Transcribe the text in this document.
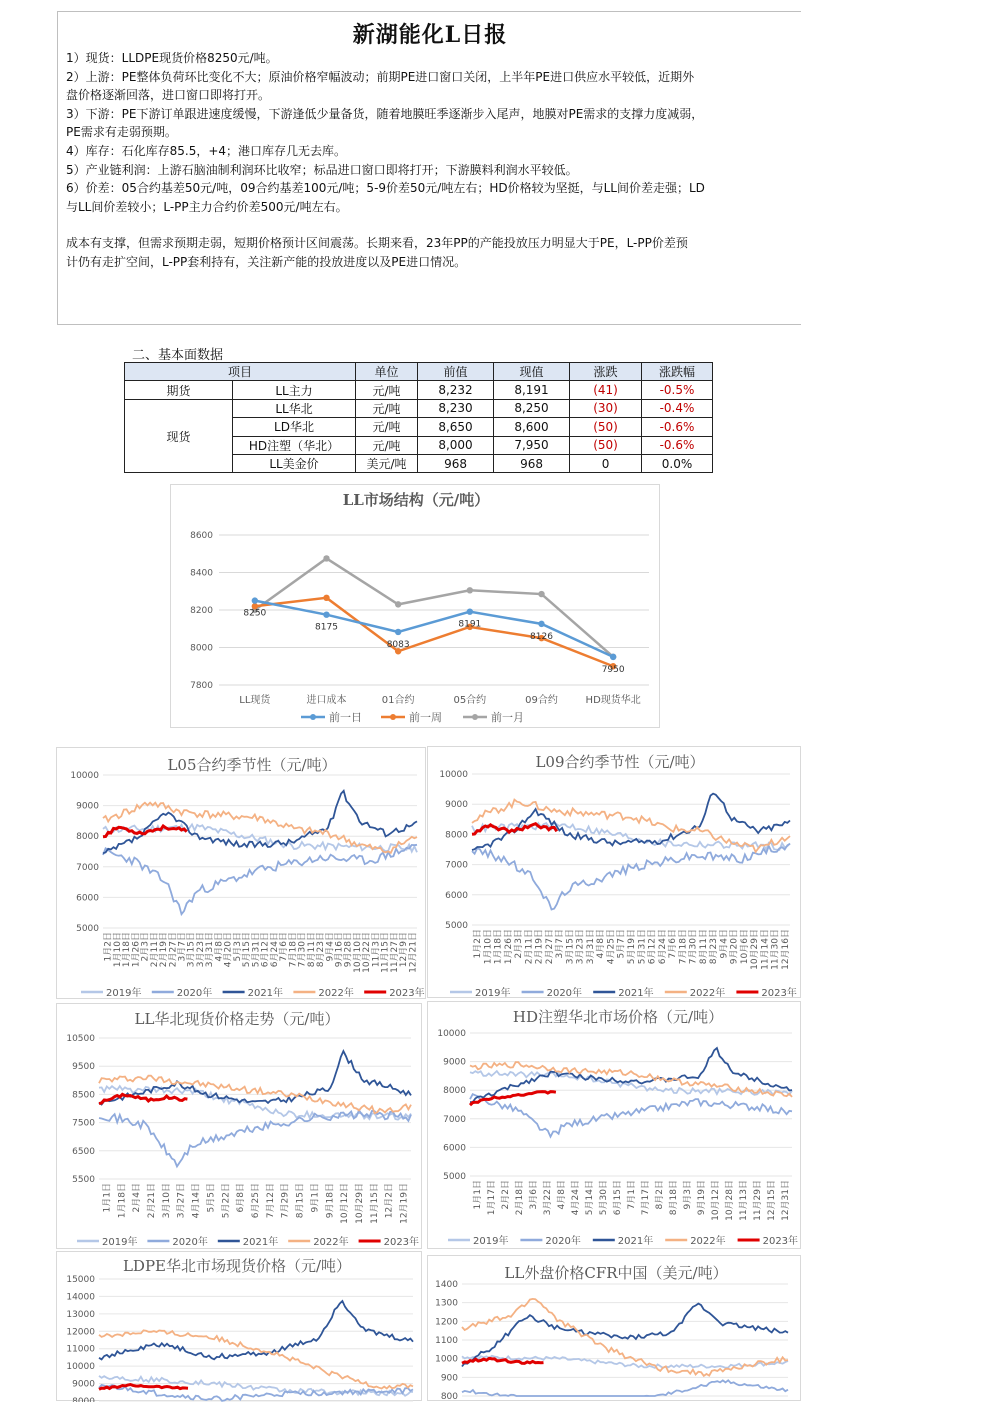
新湖能化L日报

1）现货：LLDPE现货价格8250元/吨。

2）上游：PE整体负荷环比变化不大；原油价格窄幅波动；前期PE进口窗口关闭，上半年PE进口供应水平较低，近期外

盘价格逐渐回落，进口窗口即将打开。

3）下游：PE下游订单跟进速度缓慢，下游逢低少量备货，随着地膜旺季逐渐步入尾声，地膜对PE需求的支撑力度减弱，

PE需求有走弱预期。

4）库存：石化库存85.5，+4；港口库存几无去库。

5）产业链利润：上游石脑油制利润环比收窄；标品进口窗口即将打开；下游膜料利润水平较低。

6）价差：05合约基差50元/吨，09合约基差100元/吨；5-9价差50元/吨左右；HD价格较为坚挺，与LL间价差走强；LD

与LL间价差较小；L-PP主力合约价差500元/吨左右。

成本有支撑，但需求预期走弱，短期价格预计区间震荡。长期来看，23年PP的产能投放压力明显大于PE，L-PP价差预

计仍有走扩空间，L-PP套利持有，关注新产能的投放进度以及PE进口情况。

二、基本面数据
项目		单位	前值	现值	涨跌	涨跌幅
期货	LL主力	元/吨	8,232	8,191	(41)	-0.5%
现货	LL华北	元/吨	8,230	8,250	(30)	-0.4%
	LD华北	元/吨	8,650	8,600	(50)	-0.6%
	HD注塑（华北）	元/吨	8,000	7,950	(50)	-0.6%
	LL美金价	美元/吨	968	968	0	0.0%
LL市场结构（元/吨）
8600
8400
8200
8000
7800
LL现货	进口成本	01合约	05合约	09合约	HD现货华北
8250
8175
8083
8191
8126
7950
前一日	前一周	前一月
L05合约季节性（元/吨）
10000
9000
8000
7000
6000
5000
1月2日 1月10日 1月18日 1月26日 2月3日 2月11日 2月19日 2月27日 3月7日 3月15日 3月23日 3月31日 4月8日 4月20日 5月3日 5月15日 5月31日 6月12日 6月24日 7月6日 7月18日 7月30日 8月11日 8月23日 9月4日 9月16日 9月28日 10月10日 10月22日 11月3日 11月15日 11月27日 12月9日 12月21日
2019年	2020年	2021年	2022年	2023年
L09合约季节性（元/吨）
10000
9000
8000
7000
6000
5000
1月2日 1月10日 1月18日 1月26日 2月3日 2月11日 2月19日 2月27日 3月7日 3月15日 3月23日 3月31日 4月8日 4月25日 5月7日 5月19日 5月31日 6月12日 6月24日 7月6日 7月18日 7月30日 8月11日 8月23日 9月4日 9月20日 10月6日 10月29日 11月14日 11月30日 12月16日
2019年	2020年	2021年	2022年	2023年
LL华北现货价格走势（元/吨）
10500
9500
8500
7500
6500
5500
1月1日 1月18日 2月4日 2月21日 3月10日 3月27日 4月14日 5月5日 5月22日 6月8日 6月25日 7月12日 7月29日 8月15日 9月1日 9月18日 10月12日 10月29日 11月15日 12月2日 12月19日
2019年	2020年	2021年	2022年	2023年
HD注塑华北市场价格（元/吨）
10000
9000
8000
7000
6000
5000
1月1日 1月17日 2月2日 2月18日 3月6日 3月22日 4月8日 4月24日 5月14日 5月30日 6月15日 7月1日 7月17日 8月2日 8月18日 9月3日 9月19日 10月12日 10月28日 11月13日 11月29日 12月15日 12月31日
2019年	2020年	2021年	2022年	2023年
LDPE华北市场现货价格（元/吨）
15000
14000
13000
12000
11000
10000
9000
8000
LL外盘价格CFR中国（美元/吨）
1400
1300
1200
1100
1000
900
800
